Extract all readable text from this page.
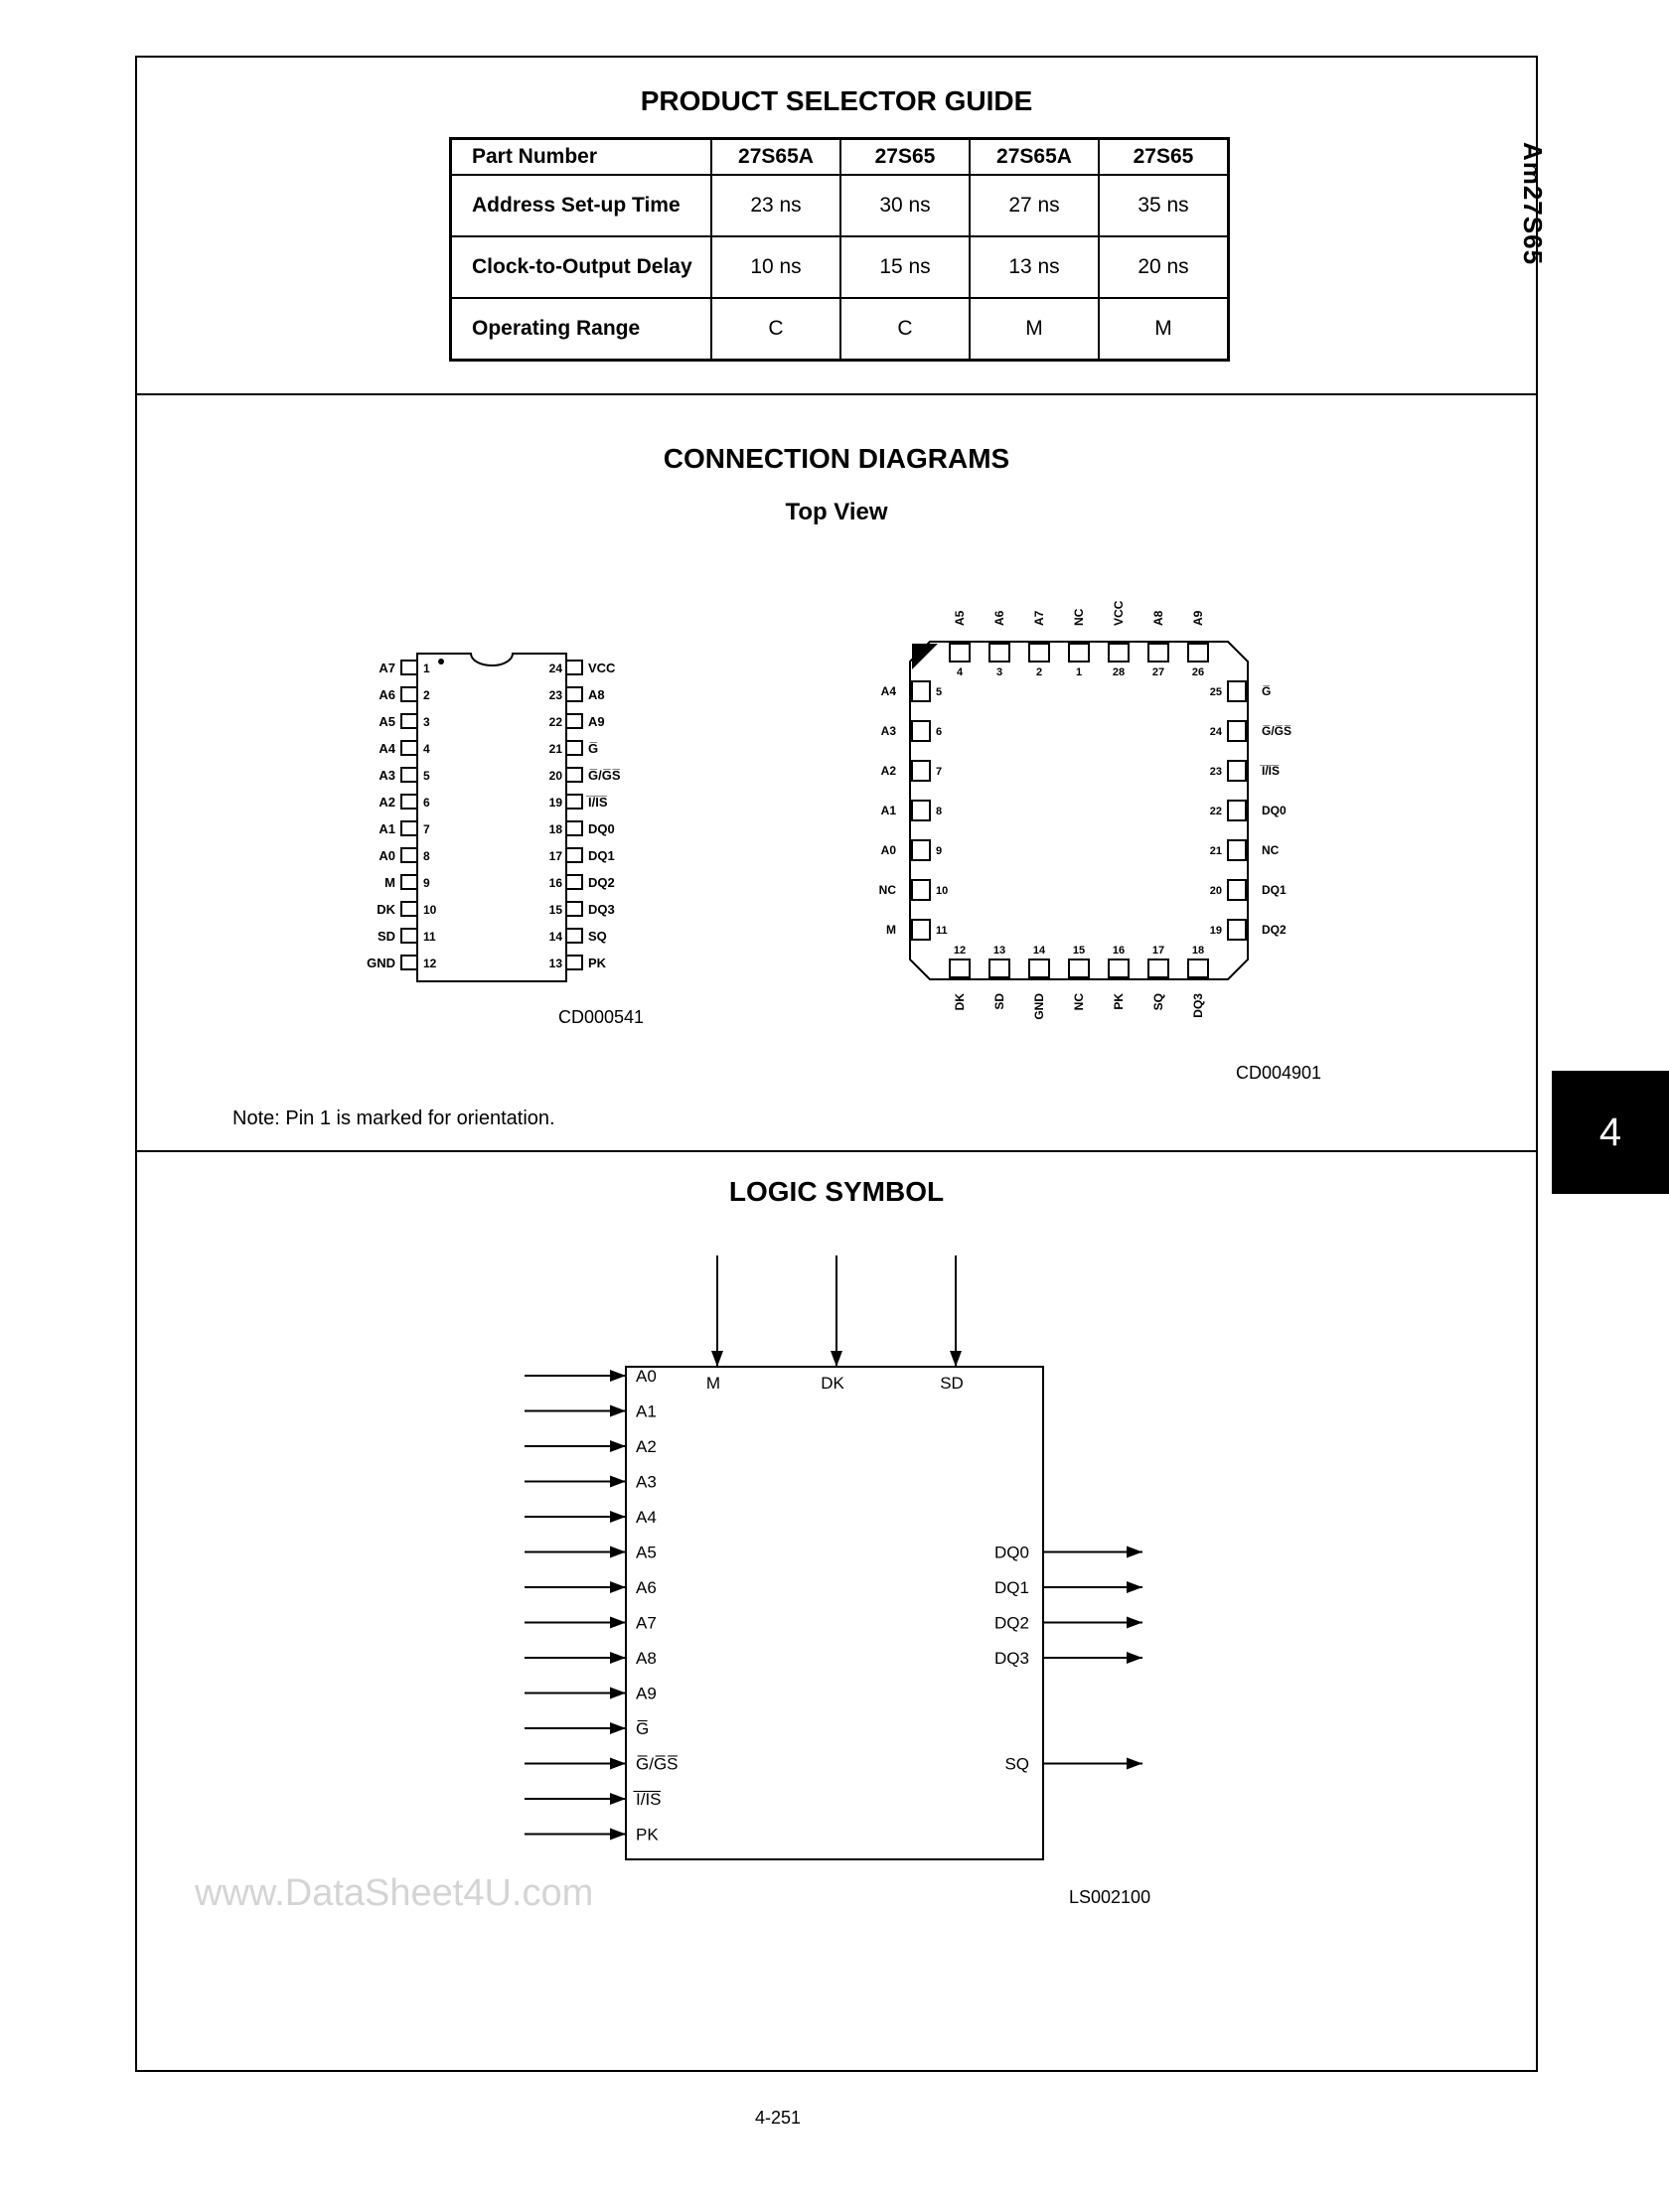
Am27S65
4
PRODUCT SELECTOR GUIDE
Part Number	27S65A	27S65	27S65A	27S65
Address Set-up Time	23 ns	30 ns	27 ns	35 ns
Clock-to-Output Delay	10 ns	15 ns	13 ns	20 ns
Operating Range	C	C	M	M
CONNECTION DIAGRAMS
Top View
1
A7
2
A6
3
A5
4
A4
5
A3
6
A2
7
A1
8
A0
9
M
10
DK
11
SD
12
GND
24 VCC
23 A8
22 A9
21 G̅
20 G̅/G̅S̅
19 I̅/I̅S̅
18 DQ0
17 DQ1
16 DQ2
15 DQ3
14 SQ
13 PK
CD000541
4
A5
3
A6
2
A7
1
NC
28
VCC
27
A8
26
A9
12
DK
13
SD
14
GND
15
NC
16
PK
17
SQ
18
DQ3
5
A4
6
A3
7
A2
8
A1
9
A0
10
NC
11
M
25	G̅
24	G̅/G̅S̅
23	I̅/I̅S̅
22	DQ0
21	NC
20	DQ1
19	DQ2
CD004901
Note: Pin 1 is marked for orientation.
LOGIC SYMBOL
M	DK	SD
A0
A1
A2
A3
A4
A5
A6
A7
A8
A9
G̅
G̅/G̅S̅
I̅/I̅S̅
PK
DQ0
DQ1
DQ2
DQ3
SQ
LS002100
www.DataSheet4U.com
4-251
